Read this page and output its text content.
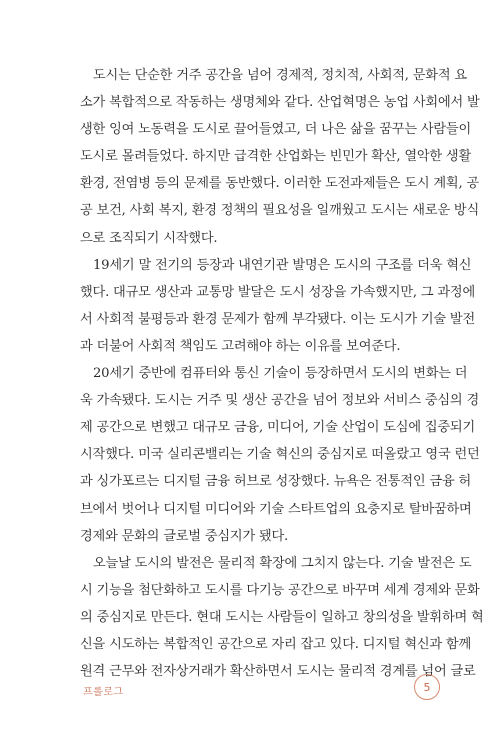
　도시는 단순한 거주 공간을 넘어 경제적, 정치적, 사회적, 문화적 요
소가 복합적으로 작동하는 생명체와 같다. 산업혁명은 농업 사회에서 발
생한 잉여 노동력을 도시로 끌어들였고, 더 나은 삶을 꿈꾸는 사람들이
도시로 몰려들었다. 하지만 급격한 산업화는 빈민가 확산, 열악한 생활
환경, 전염병 등의 문제를 동반했다. 이러한 도전과제들은 도시 계획, 공
공 보건, 사회 복지, 환경 정책의 필요성을 일깨웠고 도시는 새로운 방식
으로 조직되기 시작했다.
　19세기 말 전기의 등장과 내연기관 발명은 도시의 구조를 더욱 혁신
했다. 대규모 생산과 교통망 발달은 도시 성장을 가속했지만, 그 과정에
서 사회적 불평등과 환경 문제가 함께 부각됐다. 이는 도시가 기술 발전
과 더불어 사회적 책임도 고려해야 하는 이유를 보여준다.
　20세기 중반에 컴퓨터와 통신 기술이 등장하면서 도시의 변화는 더
욱 가속됐다. 도시는 거주 및 생산 공간을 넘어 정보와 서비스 중심의 경
제 공간으로 변했고 대규모 금융, 미디어, 기술 산업이 도심에 집중되기
시작했다. 미국 실리콘밸리는 기술 혁신의 중심지로 떠올랐고 영국 런던
과 싱가포르는 디지털 금융 허브로 성장했다. 뉴욕은 전통적인 금융 허
브에서 벗어나 디지털 미디어와 기술 스타트업의 요충지로 탈바꿈하며
경제와 문화의 글로벌 중심지가 됐다.
　오늘날 도시의 발전은 물리적 확장에 그치지 않는다. 기술 발전은 도
시 기능을 첨단화하고 도시를 다기능 공간으로 바꾸며 세계 경제와 문화
의 중심지로 만든다. 현대 도시는 사람들이 일하고 창의성을 발휘하며 혁
신을 시도하는 복합적인 공간으로 자리 잡고 있다. 디지털 혁신과 함께
원격 근무와 전자상거래가 확산하면서 도시는 물리적 경계를 넘어 글로
프롤로그	5
